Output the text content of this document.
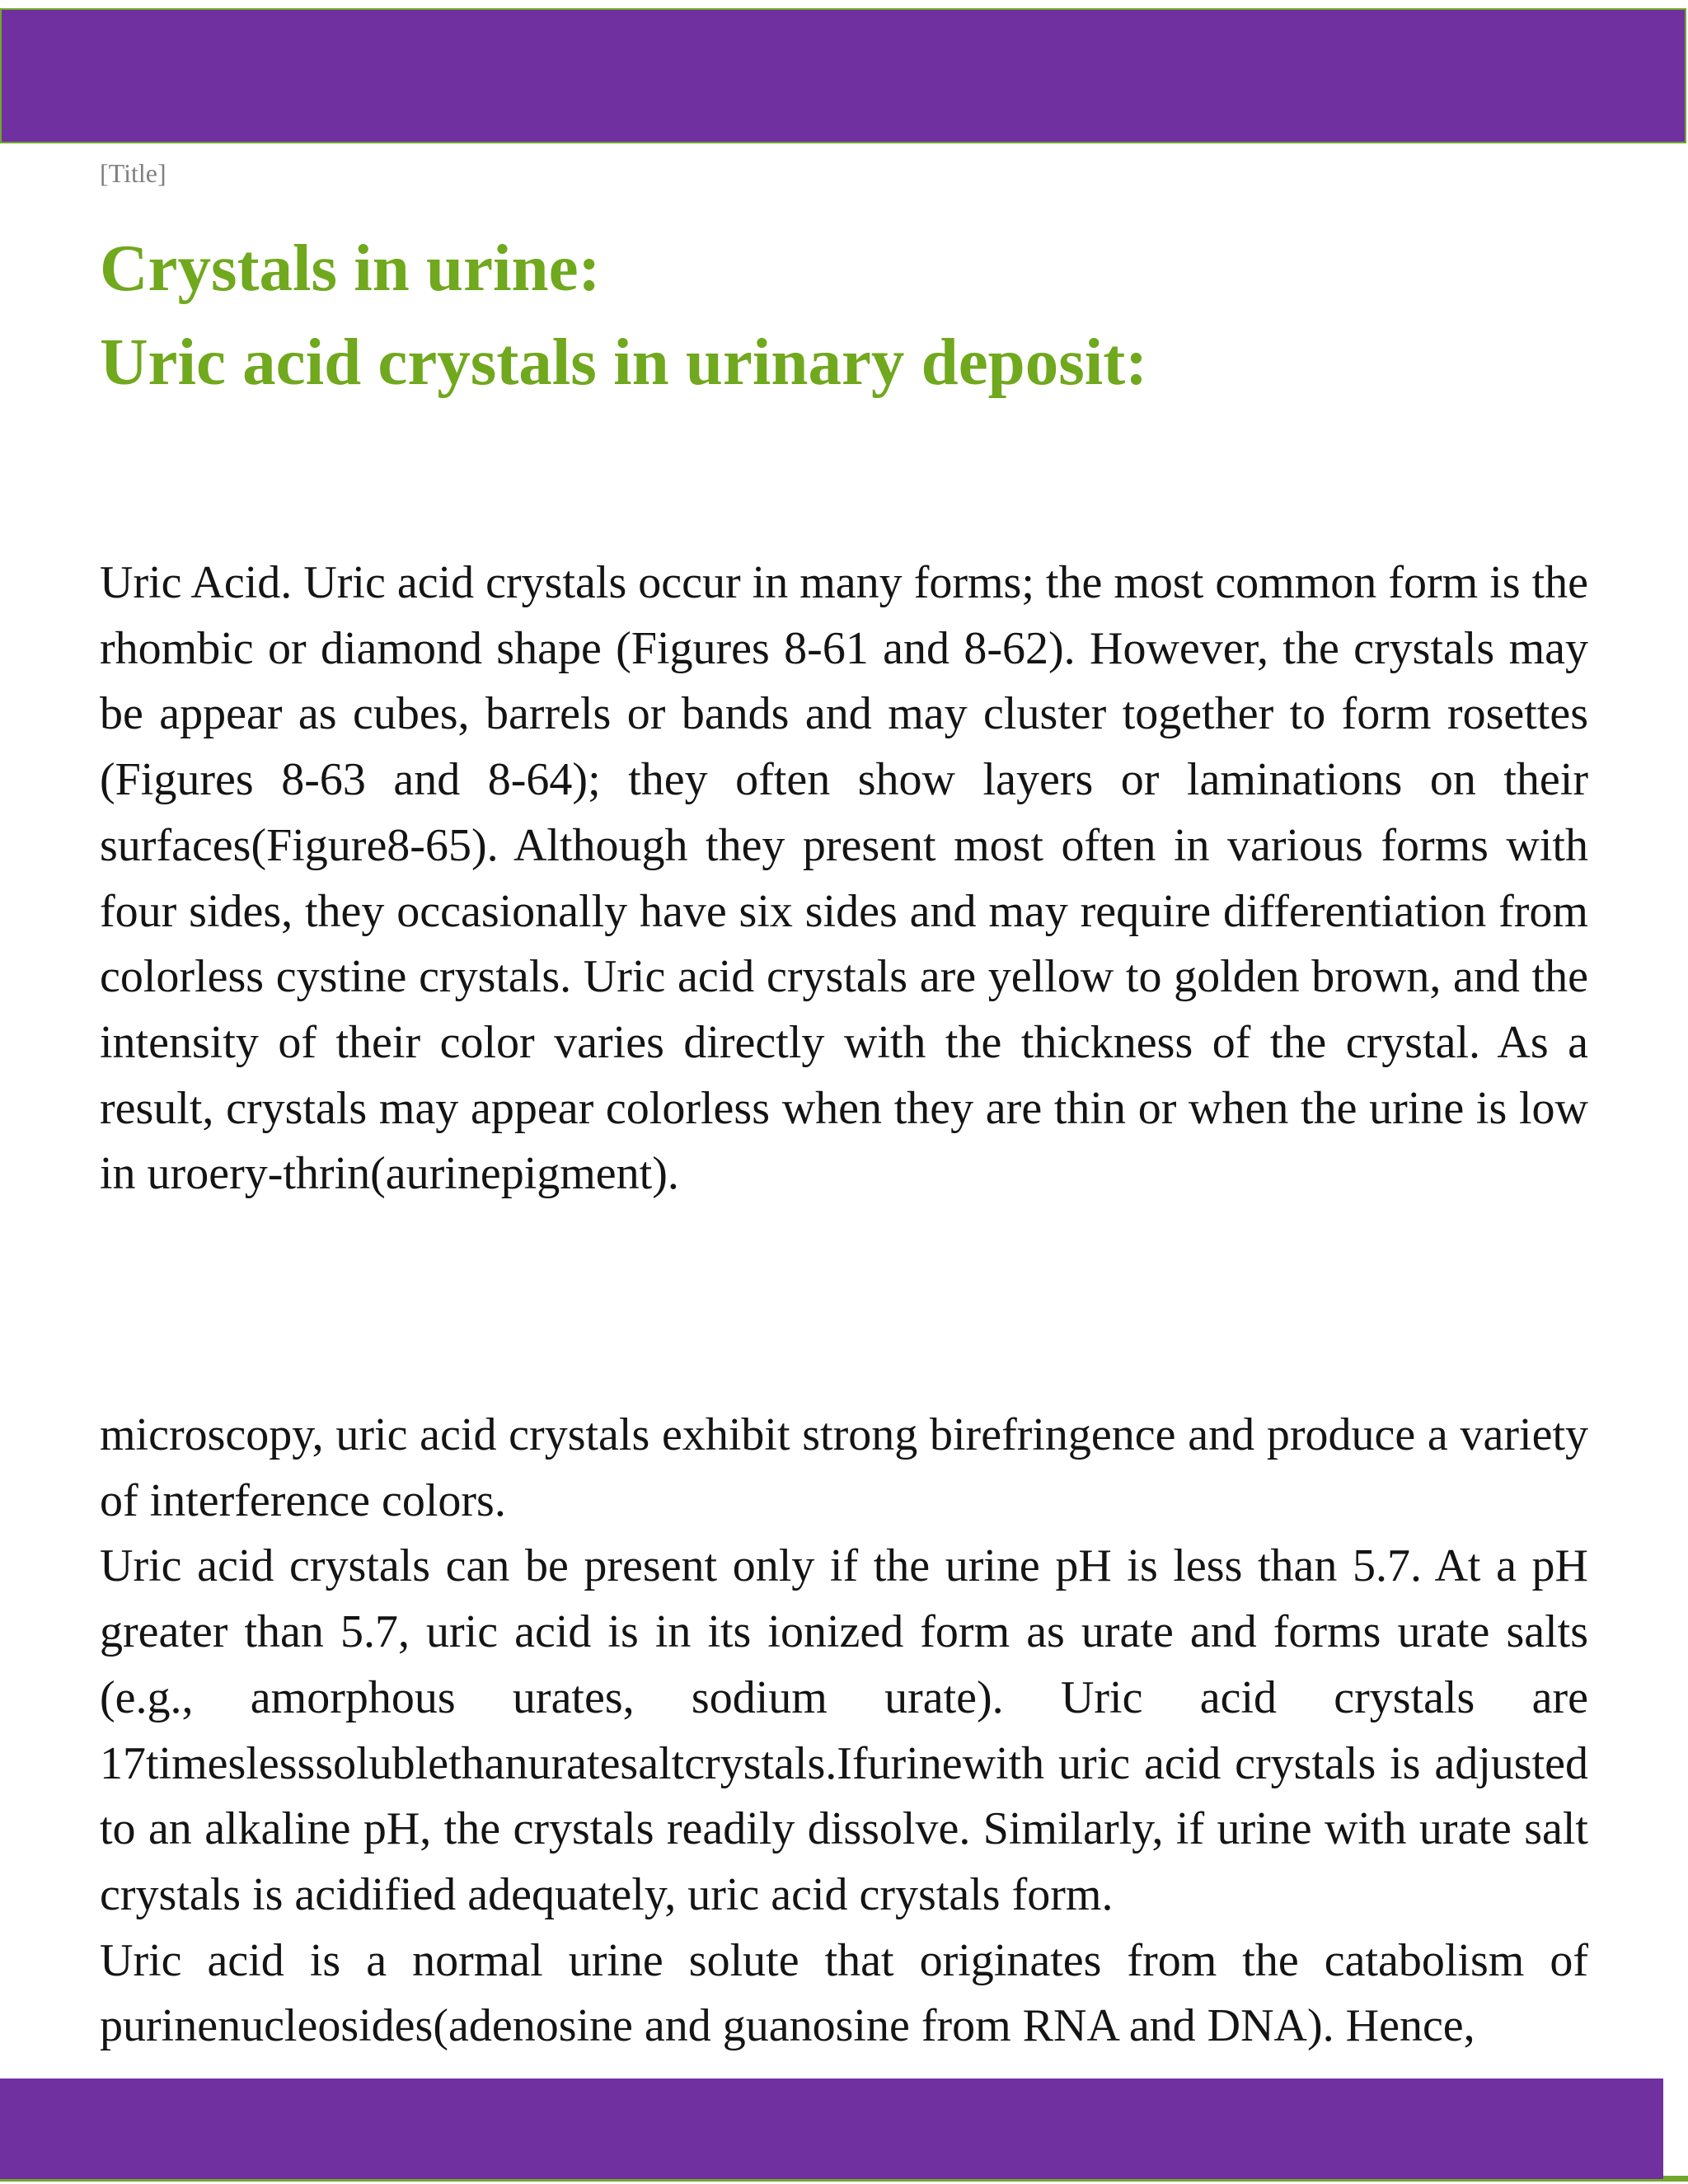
[Title]

Crystals in urine:
Uric acid crystals in urinary deposit:

Uric Acid. Uric acid crystals occur in many forms; the most common form is the rhombic or diamond shape (Figures 8-61 and 8-62). However, the crystals may be appear as cubes, barrels or bands and may cluster together to form rosettes (Figures 8-63 and 8-64); they often show layers or laminations on their surfaces(Figure8-65). Although they present most often in various forms with four sides, they occasionally have six sides and may require differentiation from colorless cystine crystals. Uric acid crystals are yellow to golden brown, and the intensity of their color varies directly with the thickness of the crystal. As a result, crystals may appear colorless when they are thin or when the urine is low in uroery-thrin(aurinepigment).

microscopy, uric acid crystals exhibit strong birefringence and produce a variety of interference colors.

Uric acid crystals can be present only if the urine pH is less than 5.7. At a pH greater than 5.7, uric acid is in its ionized form as urate and forms urate salts (e.g., amorphous urates, sodium urate). Uric acid crystals are 17timeslesssolublethanuratesaltcrystals.Ifurinewith uric acid crystals is adjusted to an alkaline pH, the crystals readily dissolve. Similarly, if urine with urate salt crystals is acidified adequately, uric acid crystals form.

Uric acid is a normal urine solute that originates from the catabolism of purinenucleosides(adenosine and guanosine from RNA and DNA). Hence,
